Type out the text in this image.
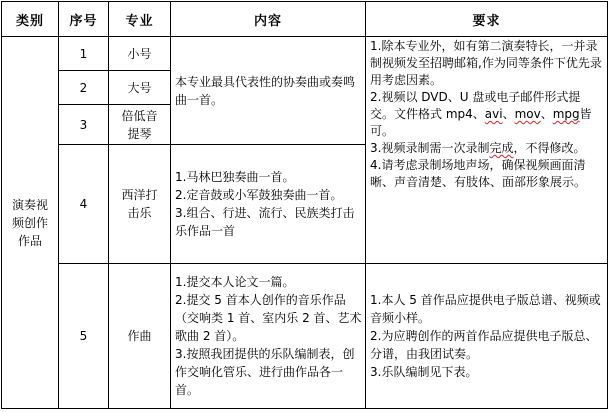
类别	序号	专业	内容	要求
演奏视频创作作品	1	小号	本专业最具代表性的协奏曲或奏鸣曲一首。	1.除本专业外，如有第二演奏特长，一并录制视频发至招聘邮箱,作为同等条件下优先录用考虑因素。
2.视频以 DVD、U 盘或电子邮件形式提交。文件格式 mp4、avi、mov、mpg皆可。
3.视频录制需一次录制完成，不得修改。
4.请考虑录制场地声场，确保视频画面清晰、声音清楚、有肢体、面部形象展示。

	2	大号		
	3	倍低音提琴		
	4	西洋打击乐	1.马林巴独奏曲一首。
2.定音鼓或小军鼓独奏曲一首。
3.组合、行进、流行、民族类打击乐作品一首	

	5	作曲	1.提交本人论文一篇。
2.提交 5 首本人创作的音乐作品（交响类 1 首、室内乐 2 首、艺术歌曲 2 首）。
3.按照我团提供的乐队编制表，创作交响化管乐、进行曲作品各一首。	1.本人 5 首作品应提供电子版总谱、视频或音频小样。
2.为应聘创作的两首作品应提供电子版总、分谱，由我团试奏。
3.乐队编制见下表。
